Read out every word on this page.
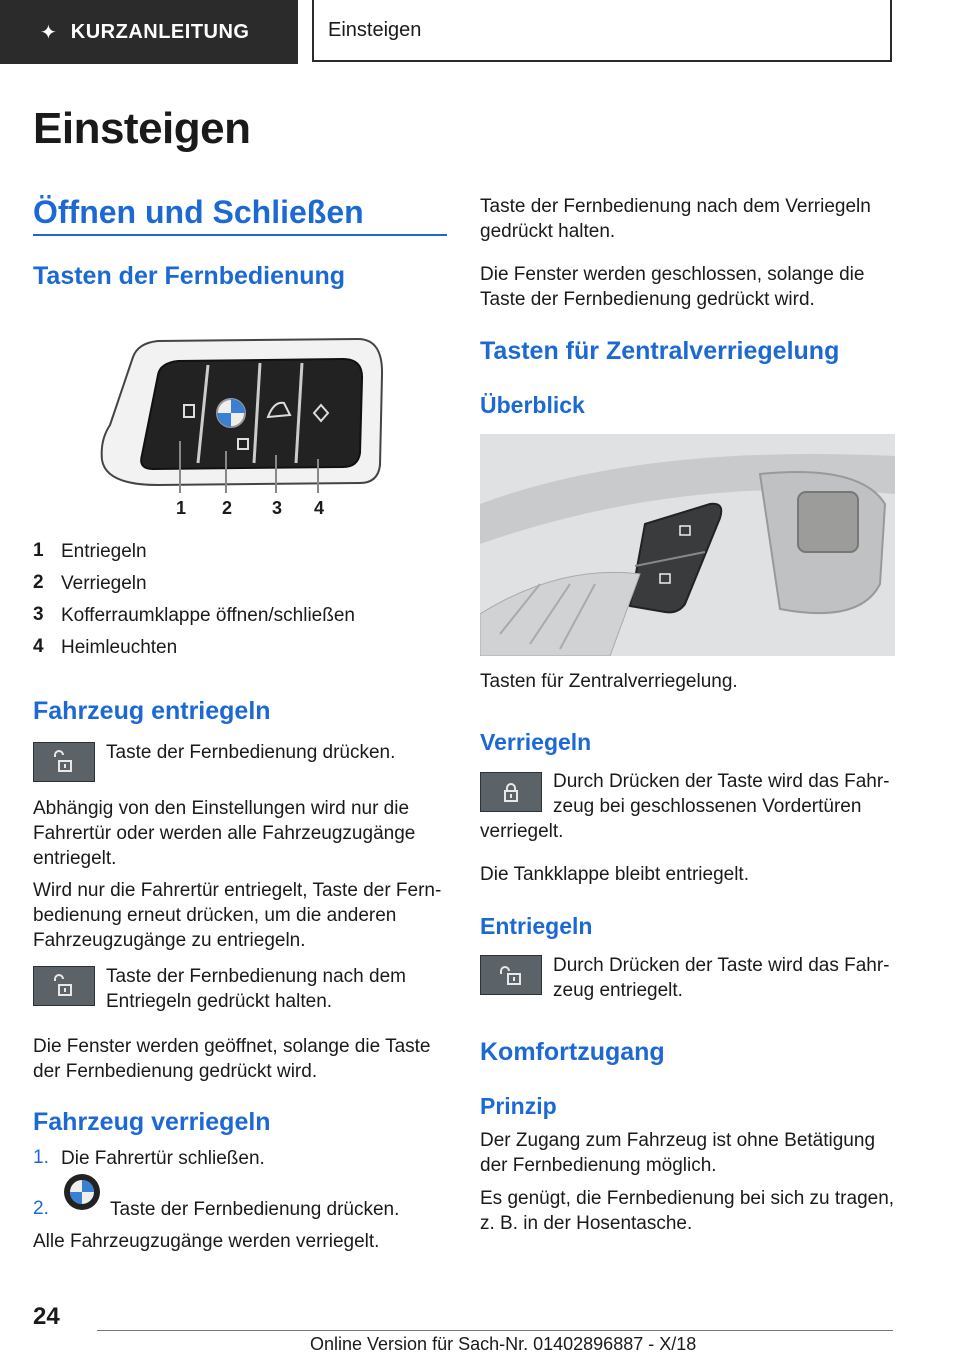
✦ KURZANLEITUNG	Einsteigen
Einsteigen
Öffnen und Schließen
Tasten der Fernbedienung
1 2 3 4
1 Entriegeln
2 Verriegeln
3 Kofferraumklappe öffnen/schließen
4 Heimleuchten
Fahrzeug entriegeln
Taste der Fernbedienung drücken.
Abhängig von den Einstellungen wird nur die
Fahrertür oder werden alle Fahrzeugzugänge
entriegelt.
Wird nur die Fahrertür entriegelt, Taste der Fern‐
bedienung erneut drücken, um die anderen
Fahrzeugzugänge zu entriegeln.
Taste der Fernbedienung nach dem
Entriegeln gedrückt halten.
Die Fenster werden geöffnet, solange die Taste
der Fernbedienung gedrückt wird.
Fahrzeug verriegeln
1. Die Fahrertür schließen.
2.	Taste der Fernbedienung drücken.
Alle Fahrzeugzugänge werden verriegelt.
Taste der Fernbedienung nach dem Verriegeln
gedrückt halten.
Die Fenster werden geschlossen, solange die
Taste der Fernbedienung gedrückt wird.
Tasten für Zentralverriegelung
Überblick
Tasten für Zentralverriegelung.
Verriegeln
Durch Drücken der Taste wird das Fahr‐
zeug bei geschlossenen Vordertüren
verriegelt.
Die Tankklappe bleibt entriegelt.
Entriegeln
Durch Drücken der Taste wird das Fahr‐
zeug entriegelt.
Komfortzugang
Prinzip
Der Zugang zum Fahrzeug ist ohne Betätigung
der Fernbedienung möglich.
Es genügt, die Fernbedienung bei sich zu tragen,
z. B. in der Hosentasche.
24
Online Version für Sach-Nr. 01402896887 - X/18
